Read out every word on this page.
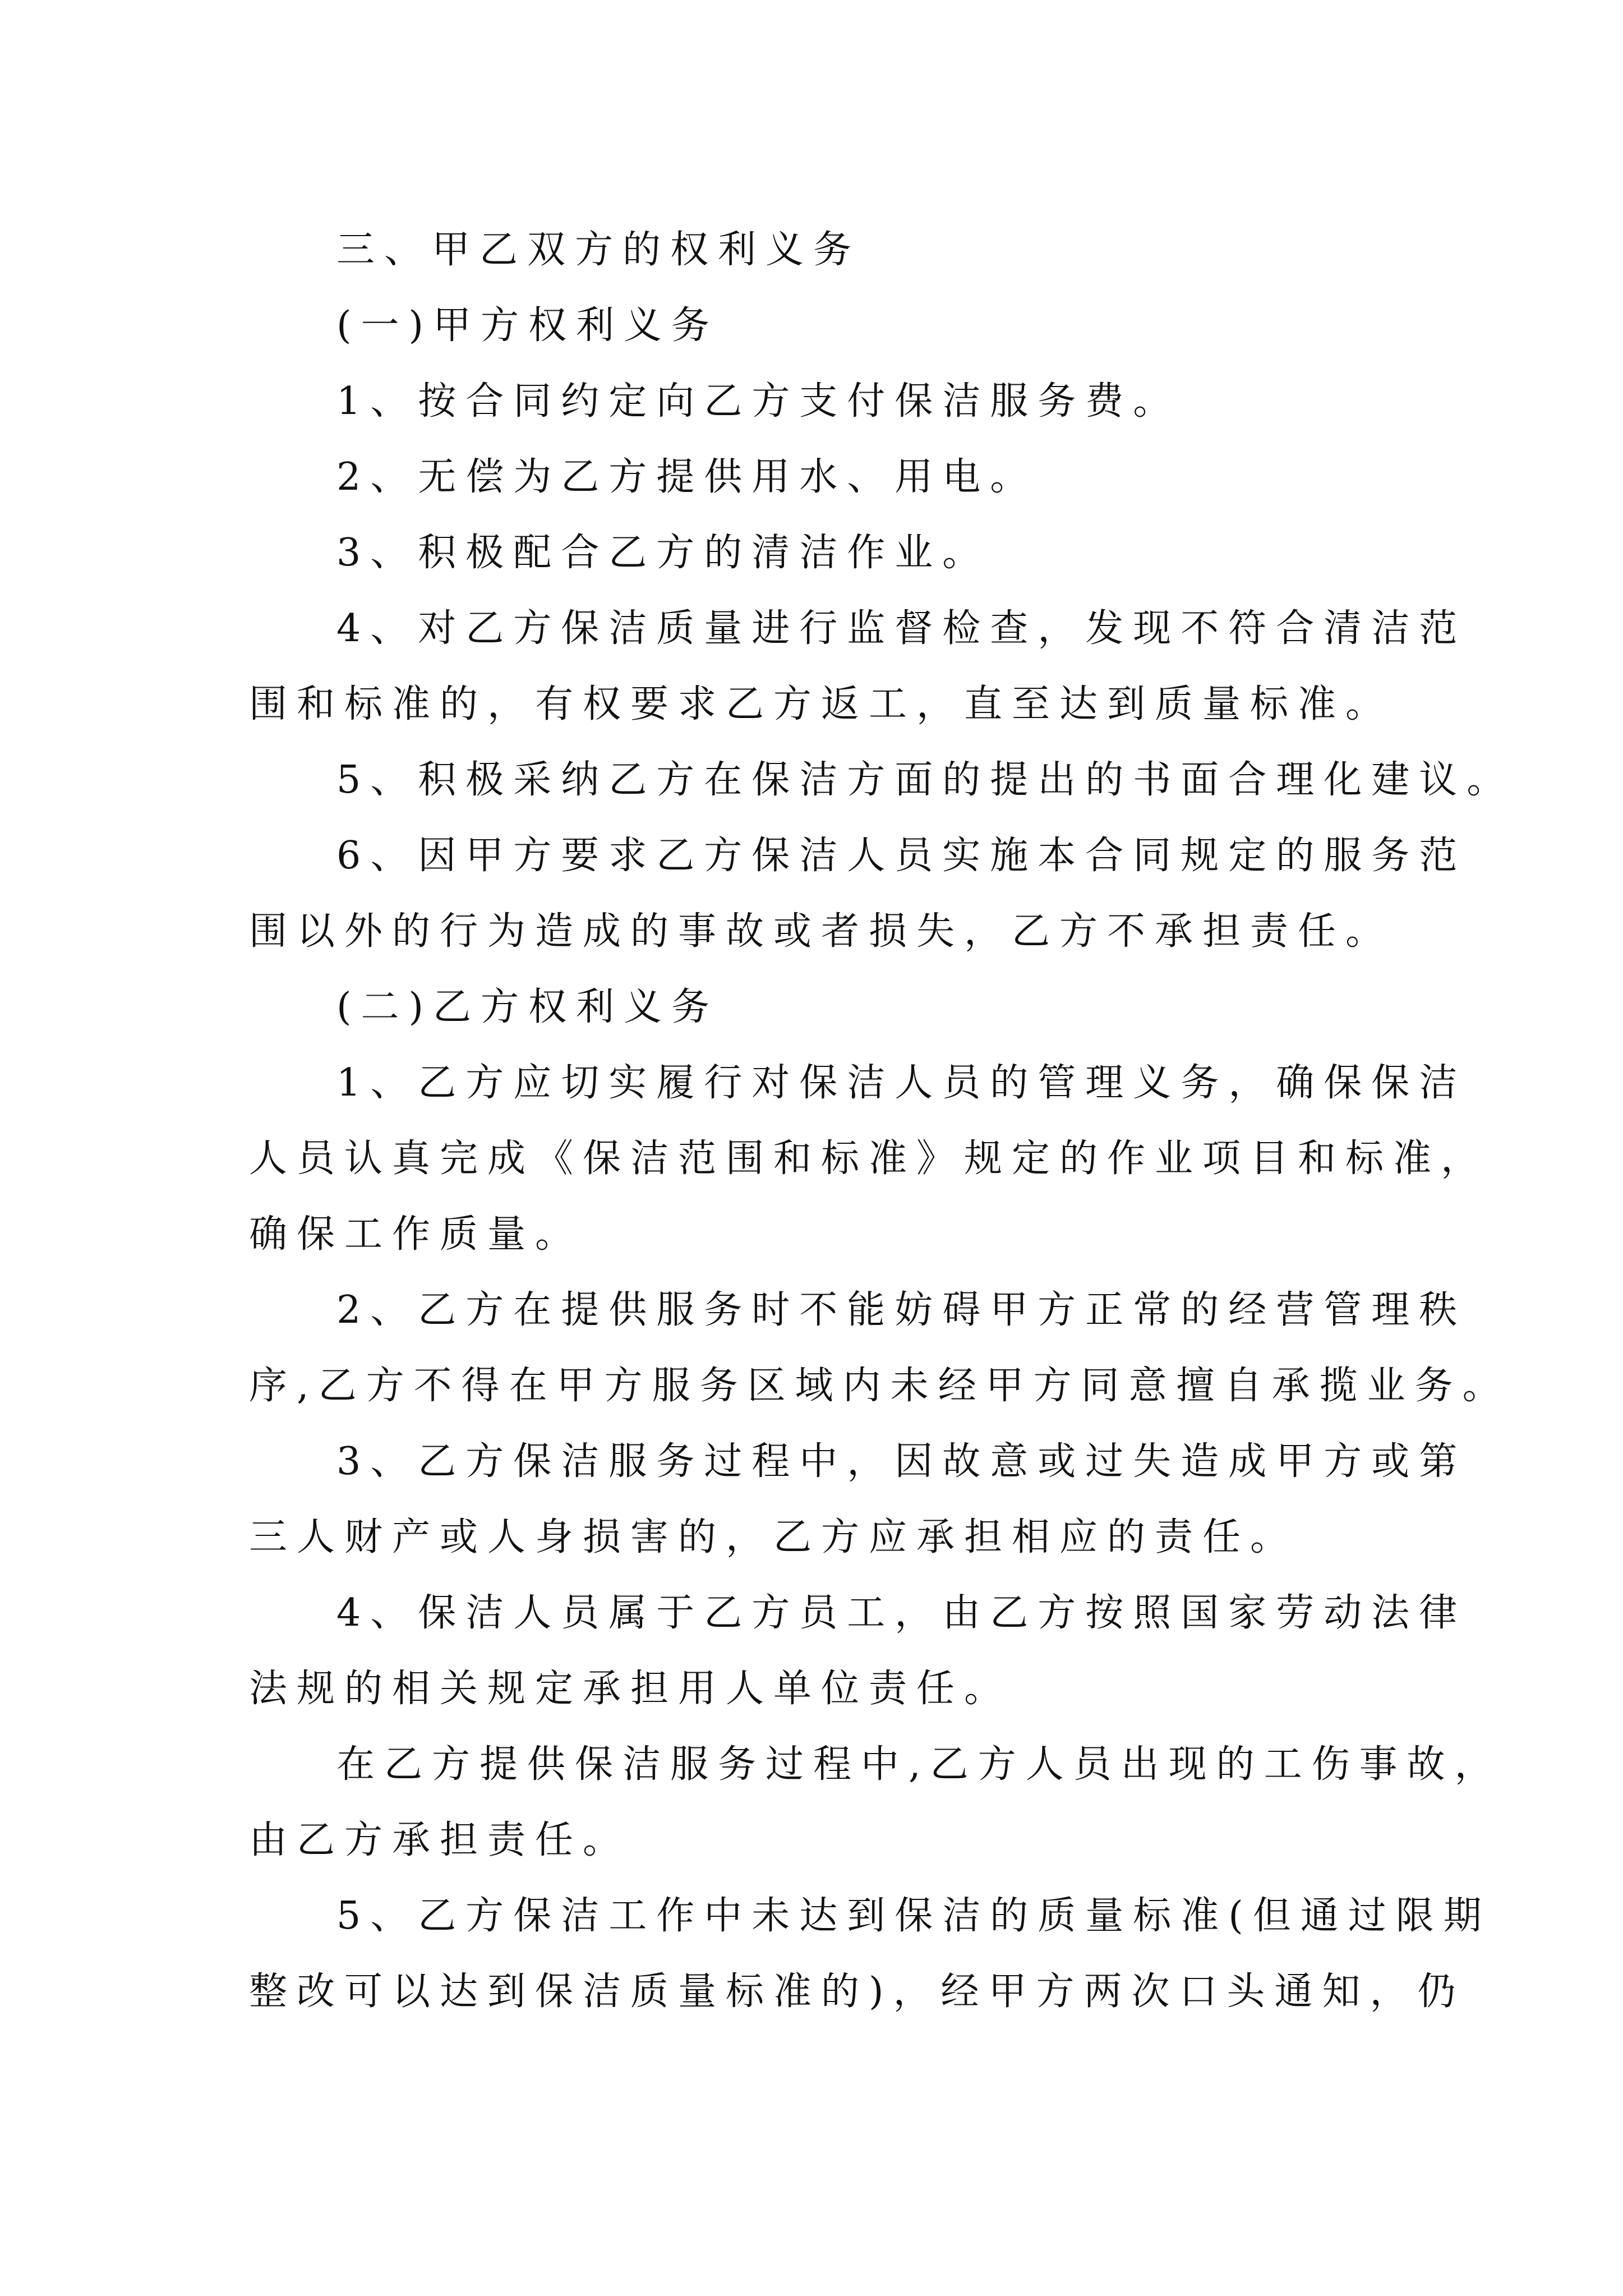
三、甲乙双方的权利义务

(一)甲方权利义务

1、按合同约定向乙方支付保洁服务费。

2、无偿为乙方提供用水、用电。

3、积极配合乙方的清洁作业。

4、对乙方保洁质量进行监督检查，发现不符合清洁范
围和标准的，有权要求乙方返工，直至达到质量标准。

5、积极采纳乙方在保洁方面的提出的书面合理化建议。

6、因甲方要求乙方保洁人员实施本合同规定的服务范
围以外的行为造成的事故或者损失，乙方不承担责任。

(二)乙方权利义务

1、乙方应切实履行对保洁人员的管理义务，确保保洁
人员认真完成《保洁范围和标准》规定的作业项目和标准，
确保工作质量。

2、乙方在提供服务时不能妨碍甲方正常的经营管理秩
序,乙方不得在甲方服务区域内未经甲方同意擅自承揽业务。

3、乙方保洁服务过程中，因故意或过失造成甲方或第
三人财产或人身损害的，乙方应承担相应的责任。

4、保洁人员属于乙方员工，由乙方按照国家劳动法律
法规的相关规定承担用人单位责任。

在乙方提供保洁服务过程中,乙方人员出现的工伤事故，
由乙方承担责任。

5、乙方保洁工作中未达到保洁的质量标准(但通过限期
整改可以达到保洁质量标准的)，经甲方两次口头通知，仍
